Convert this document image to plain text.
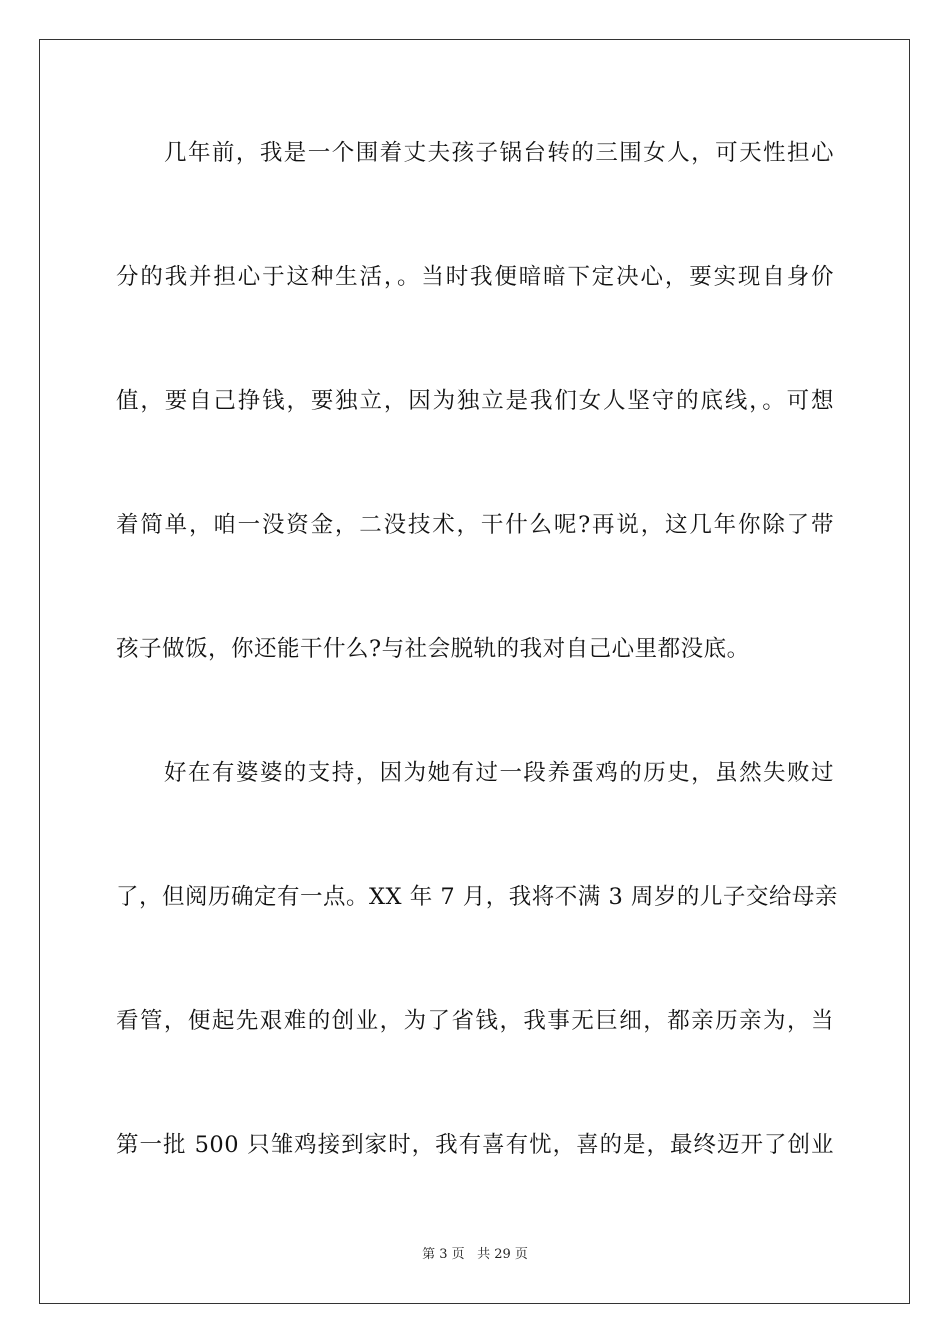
几年前，我是一个围着丈夫孩子锅台转的三围女人，可天性担心
分的我并担心于这种生活，。当时我便暗暗下定决心，要实现自身价
值，要自己挣钱，要独立，因为独立是我们女人坚守的底线，。可想
着简单，咱一没资金，二没技术，干什么呢?再说，这几年你除了带
孩子做饭，你还能干什么?与社会脱轨的我对自己心里都没底。
好在有婆婆的支持，因为她有过一段养蛋鸡的历史，虽然失败过
了，但阅历确定有一点。XX 年 7 月，我将不满 3 周岁的儿子交给母亲
看管，便起先艰难的创业，为了省钱，我事无巨细，都亲历亲为，当
第一批 500 只雏鸡接到家时，我有喜有忧，喜的是，最终迈开了创业
第 3 页 共 29 页
